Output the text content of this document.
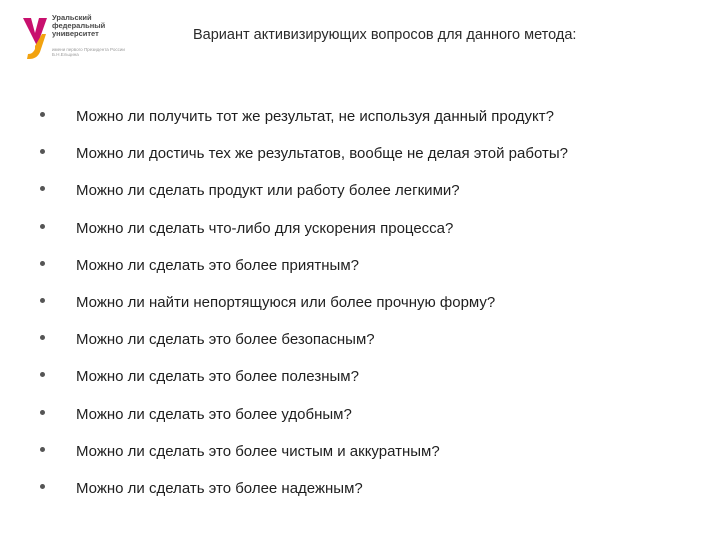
Уральский
федеральный
университет
имени первого Президента России Б.Н.Ельцина
Вариант активизирующих вопросов для данного метода:
Можно ли получить тот же результат, не используя данный продукт?
Можно ли достичь тех же результатов, вообще не делая этой работы?
Можно ли сделать продукт или работу более легкими?
Можно ли сделать что-либо для ускорения процесса?
Можно ли сделать это более приятным?
Можно ли найти непортящуюся или более прочную форму?
Можно ли сделать это более безопасным?
Можно ли сделать это более полезным?
Можно ли сделать это более удобным?
Можно ли сделать это более чистым и аккуратным?
Можно ли сделать это более надежным?
